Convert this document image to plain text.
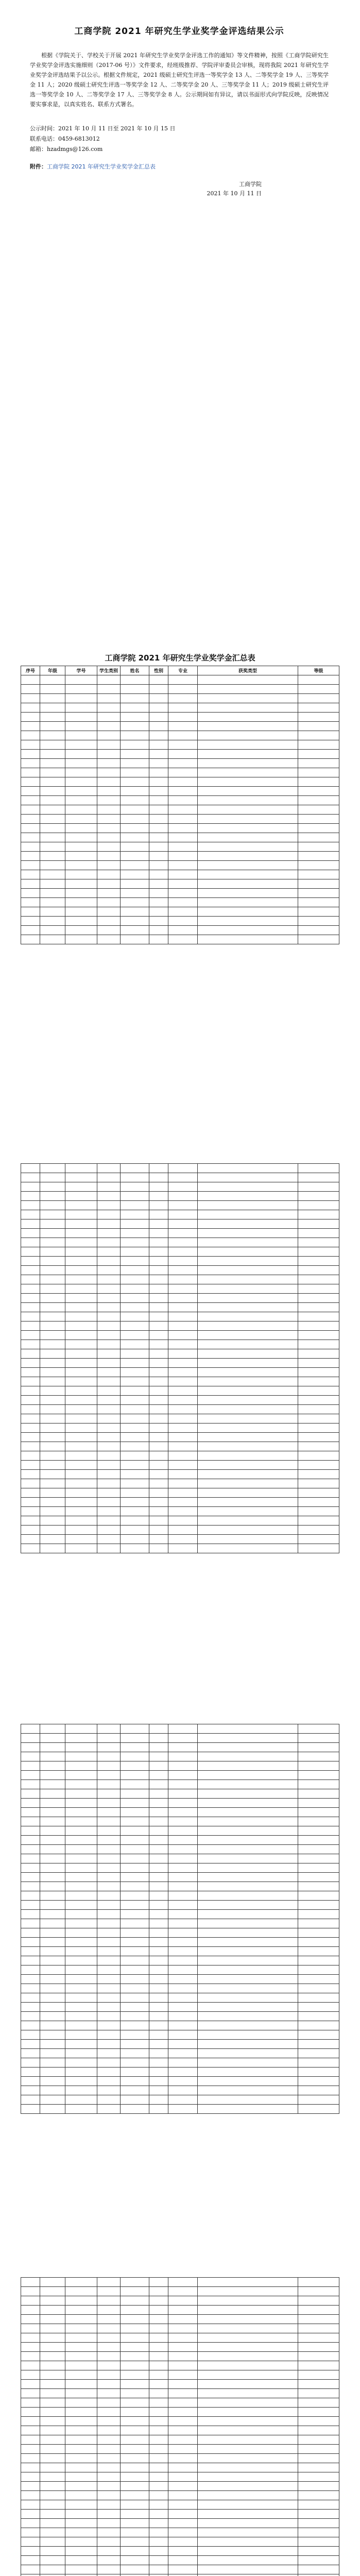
工商学院 2021 年研究生学业奖学金评选结果公示
根据《学院关于、学校关于开展 2021 年研究生学业奖学金评选工作的通知》等文件精神，按照《工商学院研究生学业奖学金评选实施细则（2017-06 号）》文件要求，经班级推荐、学院评审委员会审核，现将我院 2021 年研究生学业奖学金评选结果予以公示。根据文件规定，2021 级硕士研究生评选一等奖学金 13 人、二等奖学金 19 人、三等奖学金 11 人；2020 级硕士研究生评选一等奖学金 12 人、二等奖学金 20 人、三等奖学金 11 人；2019 级硕士研究生评选一等奖学金 10 人、二等奖学金 17 人、三等奖学金 8 人。公示期间如有异议，请以书面形式向学院反映，反映情况要实事求是，以真实姓名、联系方式署名。
公示时间：2021 年 10 月 11 日至 2021 年 10 月 15 日
联系电话：0459-6813012
邮箱：hzadmgs@126.com
附件：工商学院 2021 年研究生学业奖学金汇总表
工商学院
2021 年 10 月 11 日
工商学院 2021 年研究生学业奖学金汇总表
序号	年级	学号	学生类别	姓名	性别	专业	获奖类型	等级
